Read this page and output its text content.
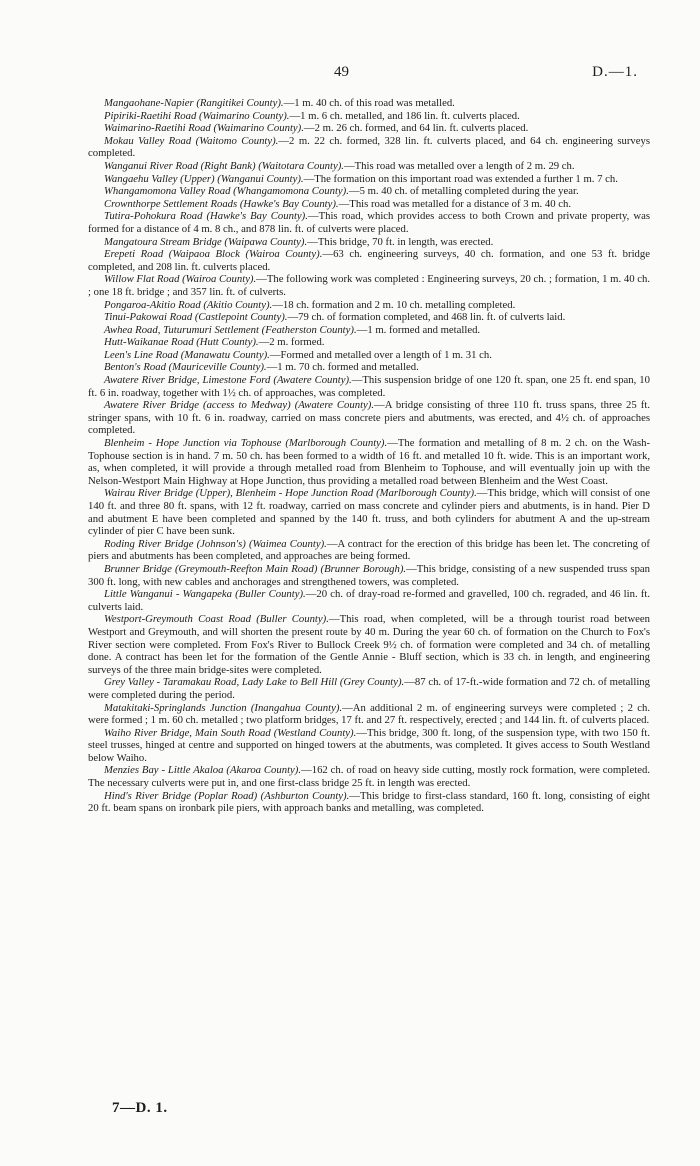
49	D.—1.

Mangaohane-Napier (Rangitikei County).—1 m. 40 ch. of this road was metalled.

Pipiriki-Raetihi Road (Waimarino County).—1 m. 6 ch. metalled, and 186 lin. ft. culverts placed.

Waimarino-Raetihi Road (Waimarino County).—2 m. 26 ch. formed, and 64 lin. ft. culverts placed.

Mokau Valley Road (Waitomo County).—2 m. 22 ch. formed, 328 lin. ft. culverts placed, and 64 ch. engineering surveys completed.

Wanganui River Road (Right Bank) (Waitotara County).—This road was metalled over a length of 2 m. 29 ch.

Wangaehu Valley (Upper) (Wanganui County).—The formation on this important road was extended a further 1 m. 7 ch.

Whangamomona Valley Road (Whangamomona County).—5 m. 40 ch. of metalling completed during the year.

Crownthorpe Settlement Roads (Hawke's Bay County).—This road was metalled for a distance of 3 m. 40 ch.

Tutira-Pohokura Road (Hawke's Bay County).—This road, which provides access to both Crown and private property, was formed for a distance of 4 m. 8 ch., and 878 lin. ft. of culverts were placed.

Mangatoura Stream Bridge (Waipawa County).—This bridge, 70 ft. in length, was erected.

Erepeti Road (Waipaoa Block (Wairoa County).—63 ch. engineering surveys, 40 ch. formation, and one 53 ft. bridge completed, and 208 lin. ft. culverts placed.

Willow Flat Road (Wairoa County).—The following work was completed : Engineering surveys, 20 ch. ; formation, 1 m. 40 ch. ; one 18 ft. bridge ; and 357 lin. ft. of culverts.

Pongaroa-Akitio Road (Akitio County).—18 ch. formation and 2 m. 10 ch. metalling completed.

Tinui-Pakowai Road (Castlepoint County).—79 ch. of formation completed, and 468 lin. ft. of culverts laid.

Awhea Road, Tuturumuri Settlement (Featherston County).—1 m. formed and metalled.

Hutt-Waikanae Road (Hutt County).—2 m. formed.

Leen's Line Road (Manawatu County).—Formed and metalled over a length of 1 m. 31 ch.

Benton's Road (Mauriceville County).—1 m. 70 ch. formed and metalled.

Awatere River Bridge, Limestone Ford (Awatere County).—This suspension bridge of one 120 ft. span, one 25 ft. end span, 10 ft. 6 in. roadway, together with 1½ ch. of approaches, was completed.

Awatere River Bridge (access to Medway) (Awatere County).—A bridge consisting of three 110 ft. truss spans, three 25 ft. stringer spans, with 10 ft. 6 in. roadway, carried on mass concrete piers and abutments, was erected, and 4½ ch. of approaches completed.

Blenheim - Hope Junction via Tophouse (Marlborough County).—The formation and metalling of 8 m. 2 ch. on the Wash-Tophouse section is in hand. 7 m. 50 ch. has been formed to a width of 16 ft. and metalled 10 ft. wide. This is an important work, as, when completed, it will provide a through metalled road from Blenheim to Tophouse, and will eventually join up with the Nelson-Westport Main Highway at Hope Junction, thus providing a metalled road between Blenheim and the West Coast.

Wairau River Bridge (Upper), Blenheim - Hope Junction Road (Marlborough County).—This bridge, which will consist of one 140 ft. and three 80 ft. spans, with 12 ft. roadway, carried on mass concrete and cylinder piers and abutments, is in hand. Pier D and abutment E have been completed and spanned by the 140 ft. truss, and both cylinders for abutment A and the up-stream cylinder of pier C have been sunk.

Roding River Bridge (Johnson's) (Waimea County).—A contract for the erection of this bridge has been let. The concreting of piers and abutments has been completed, and approaches are being formed.

Brunner Bridge (Greymouth-Reefton Main Road) (Brunner Borough).—This bridge, consisting of a new suspended truss span 300 ft. long, with new cables and anchorages and strengthened towers, was completed.

Little Wanganui - Wangapeka (Buller County).—20 ch. of dray-road re-formed and gravelled, 100 ch. regraded, and 46 lin. ft. culverts laid.

Westport-Greymouth Coast Road (Buller County).—This road, when completed, will be a through tourist road between Westport and Greymouth, and will shorten the present route by 40 m. During the year 60 ch. of formation on the Church to Fox's River section were completed. From Fox's River to Bullock Creek 9½ ch. of formation were completed and 34 ch. of metalling done. A contract has been let for the formation of the Gentle Annie - Bluff section, which is 33 ch. in length, and engineering surveys of the three main bridge-sites were completed.

Grey Valley - Taramakau Road, Lady Lake to Bell Hill (Grey County).—87 ch. of 17-ft.-wide formation and 72 ch. of metalling were completed during the period.

Matakitaki-Springlands Junction (Inangahua County).—An additional 2 m. of engineering surveys were completed ; 2 ch. were formed ; 1 m. 60 ch. metalled ; two platform bridges, 17 ft. and 27 ft. respectively, erected ; and 144 lin. ft. of culverts placed.

Waiho River Bridge, Main South Road (Westland County).—This bridge, 300 ft. long, of the suspension type, with two 150 ft. steel trusses, hinged at centre and supported on hinged towers at the abutments, was completed. It gives access to South Westland below Waiho.

Menzies Bay - Little Akaloa (Akaroa County).—162 ch. of road on heavy side cutting, mostly rock formation, were completed. The necessary culverts were put in, and one first-class bridge 25 ft. in length was erected.

Hind's River Bridge (Poplar Road) (Ashburton County).—This bridge to first-class standard, 160 ft. long, consisting of eight 20 ft. beam spans on ironbark pile piers, with approach banks and metalling, was completed.

7—D. 1.
